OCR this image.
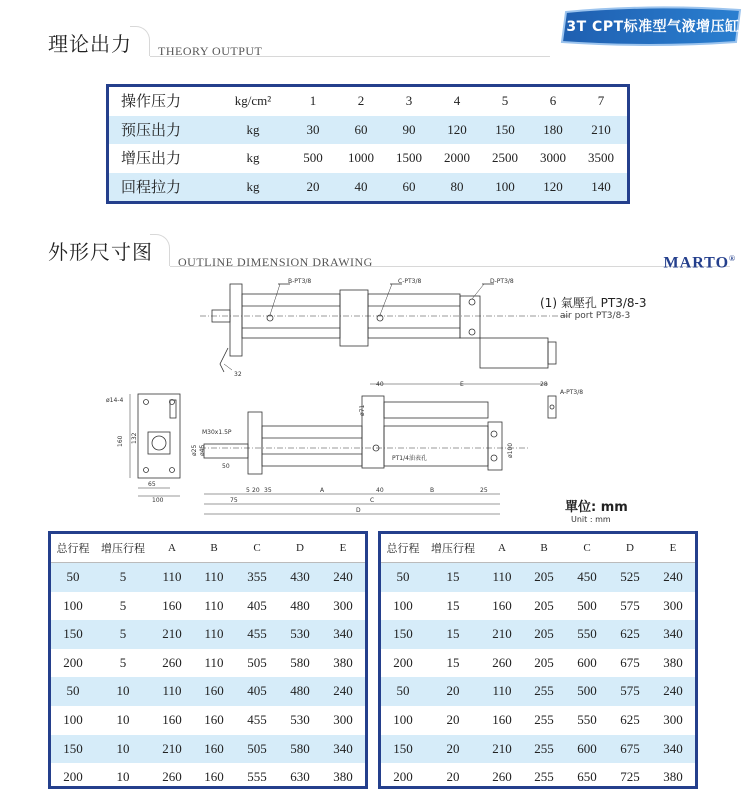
3T CPT标准型气液增压缸
理论出力 THEORY OUTPUT
操作压力	kg/cm²	1	2	3	4	5	6	7
预压出力	kg	30	60	90	120	150	180	210
增压出力	kg	500	1000	1500	2000	2500	3000	3500
回程拉力	kg	20	40	60	80	100	120	140
外形尺寸图 OUTLINE DIMENSION DRAWING	MARTO®
B-PT3/8	C-PT3/8	D-PT3/8
32
ø14-4
160 132
65
100
M30x1.5P
ø25 ø45
50
40	E	28
A-PT3/8
ø71
ø100
PT1/4油表孔
75
5 20 35	A	40	B	25
C
D
(1) 氣壓孔 PT3/8-3
air port PT3/8-3
單位: mm
Unit : mm
总行程	增压行程	A	B	C	D	E
50	5	110	110	355	430	240
100	5	160	110	405	480	300
150	5	210	110	455	530	340
200	5	260	110	505	580	380
50	10	110	160	405	480	240
100	10	160	160	455	530	300
150	10	210	160	505	580	340
200	10	260	160	555	630	380
总行程	增压行程	A	B	C	D	E
50	15	110	205	450	525	240
100	15	160	205	500	575	300
150	15	210	205	550	625	340
200	15	260	205	600	675	380
50	20	110	255	500	575	240
100	20	160	255	550	625	300
150	20	210	255	600	675	340
200	20	260	255	650	725	380
